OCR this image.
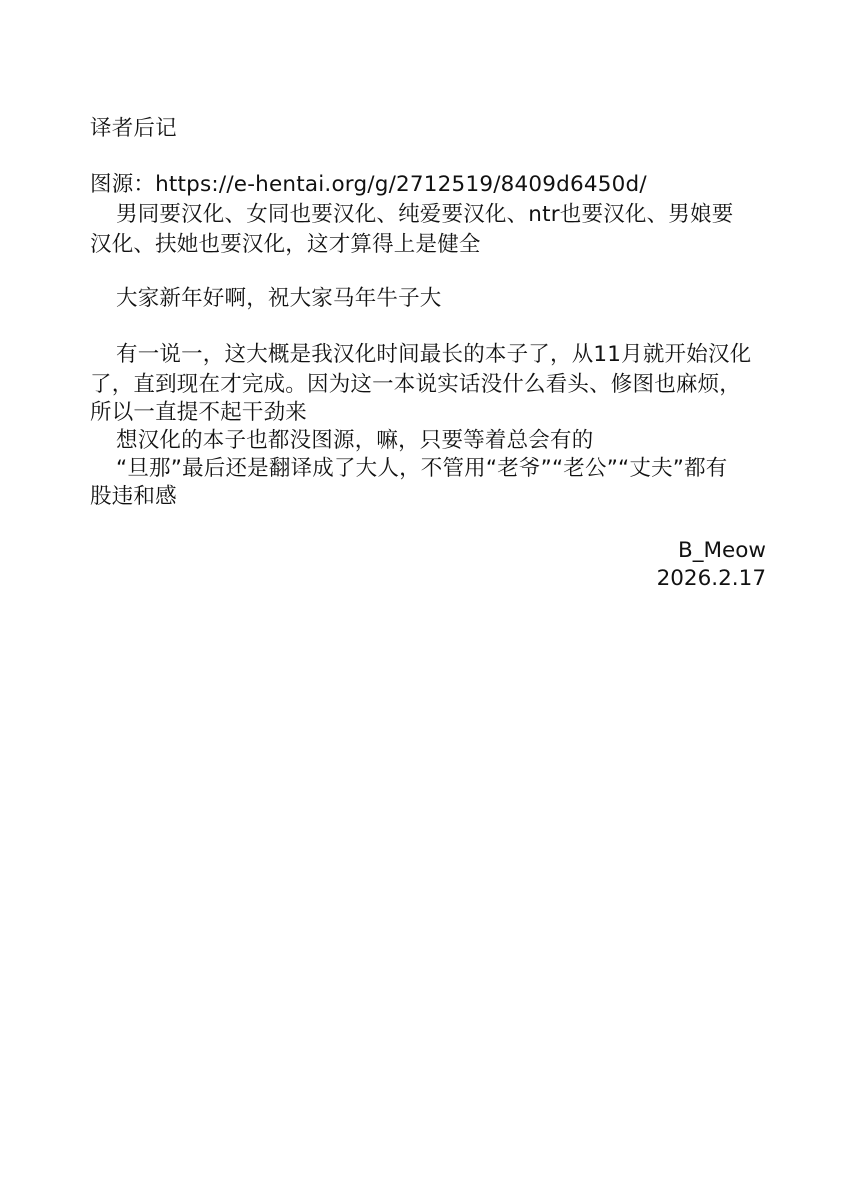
译者后记
图源：https://e-hentai.org/g/2712519/8409d6450d/
男同要汉化、女同也要汉化、纯爱要汉化、ntr也要汉化、男娘要
汉化、扶她也要汉化，这才算得上是健全
大家新年好啊，祝大家马年牛子大
有一说一，这大概是我汉化时间最长的本子了，从11月就开始汉化
了，直到现在才完成。因为这一本说实话没什么看头、修图也麻烦，
所以一直提不起干劲来
想汉化的本子也都没图源，嘛，只要等着总会有的
“旦那”最后还是翻译成了大人，不管用“老爷”“老公”“丈夫”都有
股违和感
B_Meow
2026.2.17
